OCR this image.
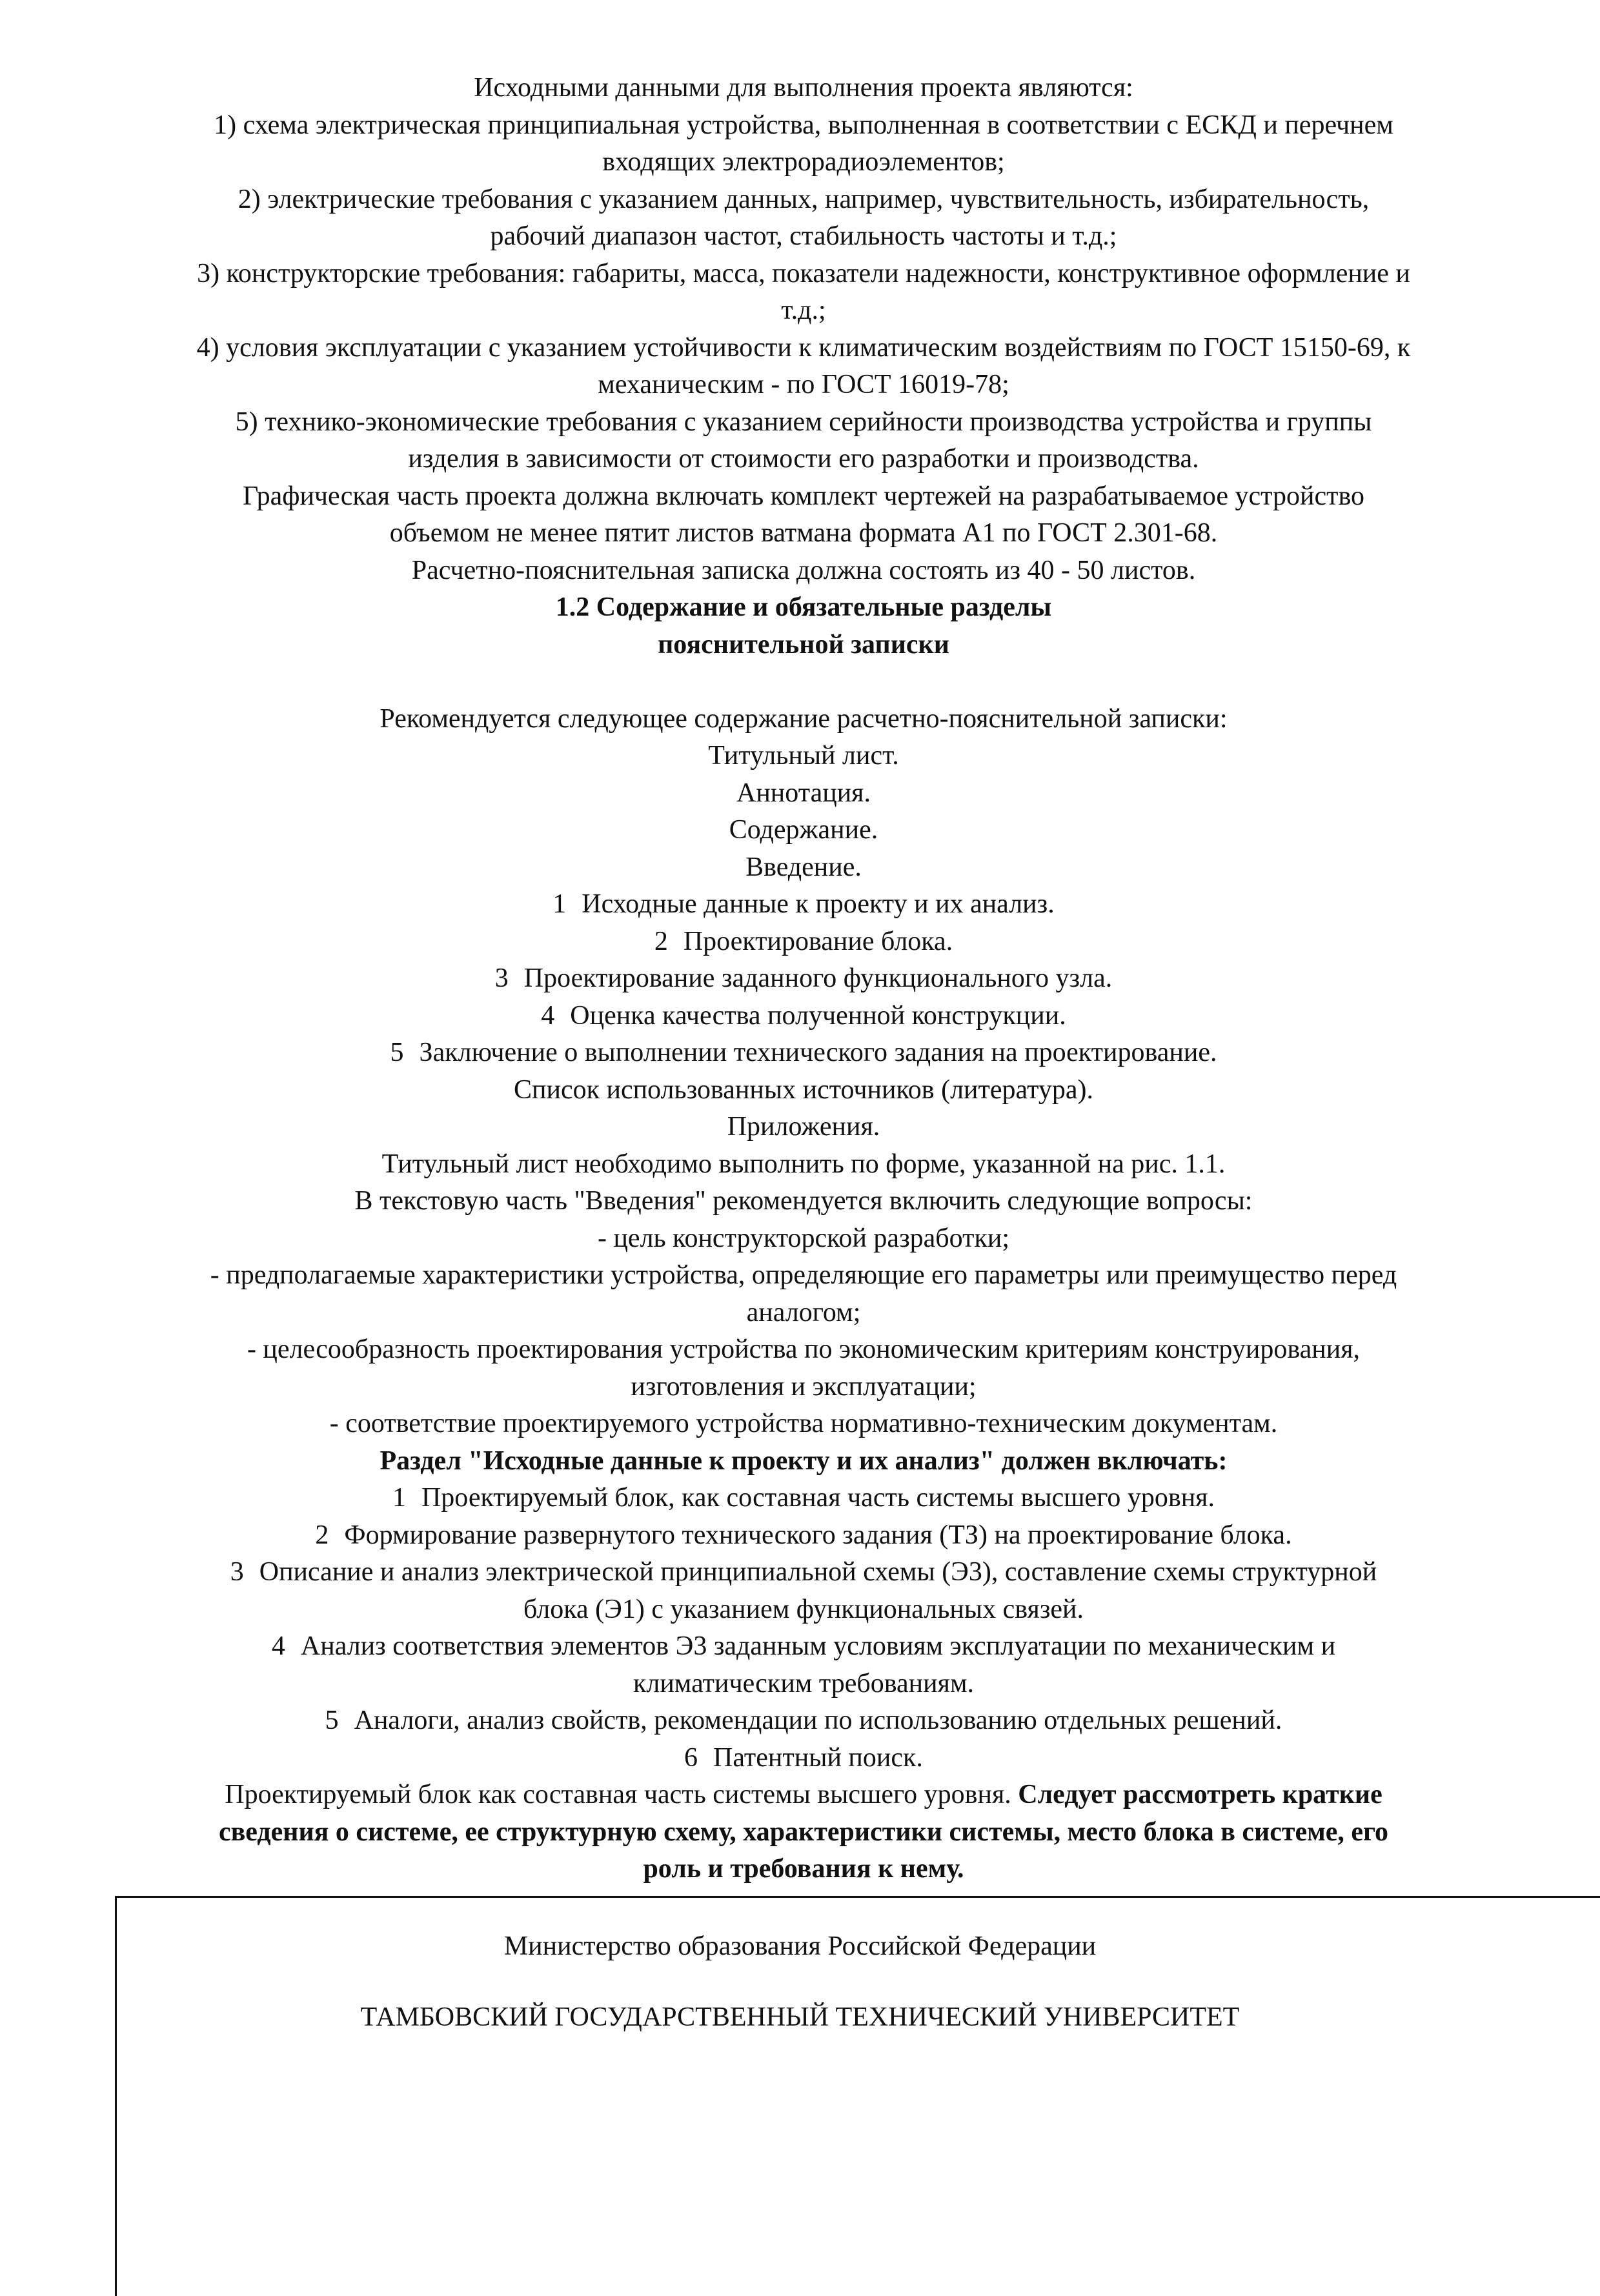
Исходными данными для выполнения проекта являются:

1) схема электрическая принципиальная устройства, выполненная в соответствии с ЕСКД и перечнем
входящих электрорадиоэлементов;

2) электрические требования с указанием данных, например, чувствительность, избирательность,
рабочий диапазон частот, стабильность частоты и т.д.;

3) конструкторские требования: габариты, масса, показатели надежности, конструктивное оформление и
т.д.;

4) условия эксплуатации с указанием устойчивости к климатическим воздействиям по ГОСТ 15150-69, к
механическим - по ГОСТ 16019-78;

5) технико-экономические требования с указанием серийности производства устройства и группы
изделия в зависимости от стоимости его разработки и производства.

Графическая часть проекта должна включать комплект чертежей на разрабатываемое устройство
объемом не менее пятит листов ватмана формата А1 по ГОСТ 2.301-68.

Расчетно-пояснительная записка должна состоять из 40 - 50 листов.

1.2 Содержание и обязательные разделы
пояснительной записки

Рекомендуется следующее содержание расчетно-пояснительной записки:

Титульный лист.

Аннотация.

Содержание.

Введение.

1 Исходные данные к проекту и их анализ.

2 Проектирование блока.

3 Проектирование заданного функционального узла.

4 Оценка качества полученной конструкции.

5 Заключение о выполнении технического задания на проектирование.

Список использованных источников (литература).

Приложения.

Титульный лист необходимо выполнить по форме, указанной на рис. 1.1.

В текстовую часть "Введения" рекомендуется включить следующие вопросы:

- цель конструкторской разработки;

- предполагаемые характеристики устройства, определяющие его параметры или преимущество перед
аналогом;

- целесообразность проектирования устройства по экономическим критериям конструирования,
изготовления и эксплуатации;

- соответствие проектируемого устройства нормативно-техническим документам.

Раздел "Исходные данные к проекту и их анализ" должен включать:

1 Проектируемый блок, как составная часть системы высшего уровня.

2 Формирование развернутого технического задания (ТЗ) на проектирование блока.

3 Описание и анализ электрической принципиальной схемы (Э3), составление схемы структурной
блока (Э1) с указанием функциональных связей.

4 Анализ соответствия элементов Э3 заданным условиям эксплуатации по механическим и
климатическим требованиям.

5 Аналоги, анализ свойств, рекомендации по использованию отдельных решений.

6 Патентный поиск.

Проектируемый блок как составная часть системы высшего уровня. Следует рассмотреть краткие
сведения о системе, ее структурную схему, характеристики системы, место блока в системе, его
роль и требования к нему.

Министерство образования Российской Федерации
ТАМБОВСКИЙ ГОСУДАРСТВЕННЫЙ ТЕХНИЧЕСКИЙ УНИВЕРСИТЕТ
